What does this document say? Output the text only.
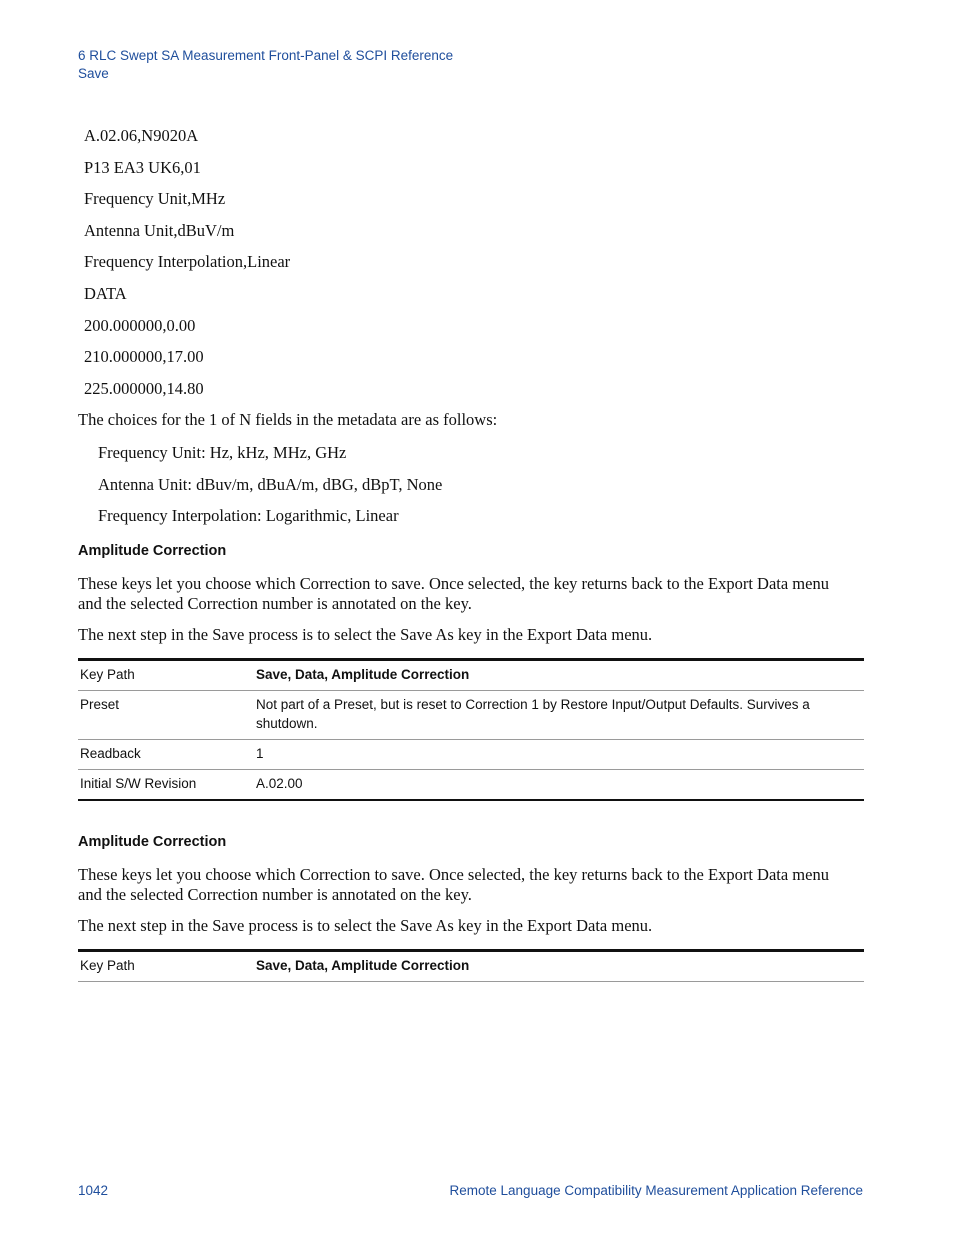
6 RLC Swept SA Measurement Front-Panel & SCPI Reference
Save
A.02.06,N9020A
P13 EA3 UK6,01
Frequency Unit,MHz
Antenna Unit,dBuV/m
Frequency Interpolation,Linear
DATA
200.000000,0.00
210.000000,17.00
225.000000,14.80
The choices for the 1 of N fields in the metadata are as follows:
Frequency Unit: Hz, kHz, MHz, GHz
Antenna Unit: dBuv/m, dBuA/m, dBG, dBpT, None
Frequency Interpolation: Logarithmic, Linear
Amplitude Correction
These keys let you choose which Correction to save. Once selected, the key returns back to the Export Data menu and the selected Correction number is annotated on the key.
The next step in the Save process is to select the Save As key in the Export Data menu.
Key Path	Save, Data, Amplitude Correction
Preset	Not part of a Preset, but is reset to Correction 1 by Restore Input/Output Defaults. Survives a shutdown.
Readback	1
Initial S/W Revision	A.02.00
Amplitude Correction
These keys let you choose which Correction to save. Once selected, the key returns back to the Export Data menu and the selected Correction number is annotated on the key.
The next step in the Save process is to select the Save As key in the Export Data menu.
Key Path	Save, Data, Amplitude Correction
1042	Remote Language Compatibility Measurement Application Reference
